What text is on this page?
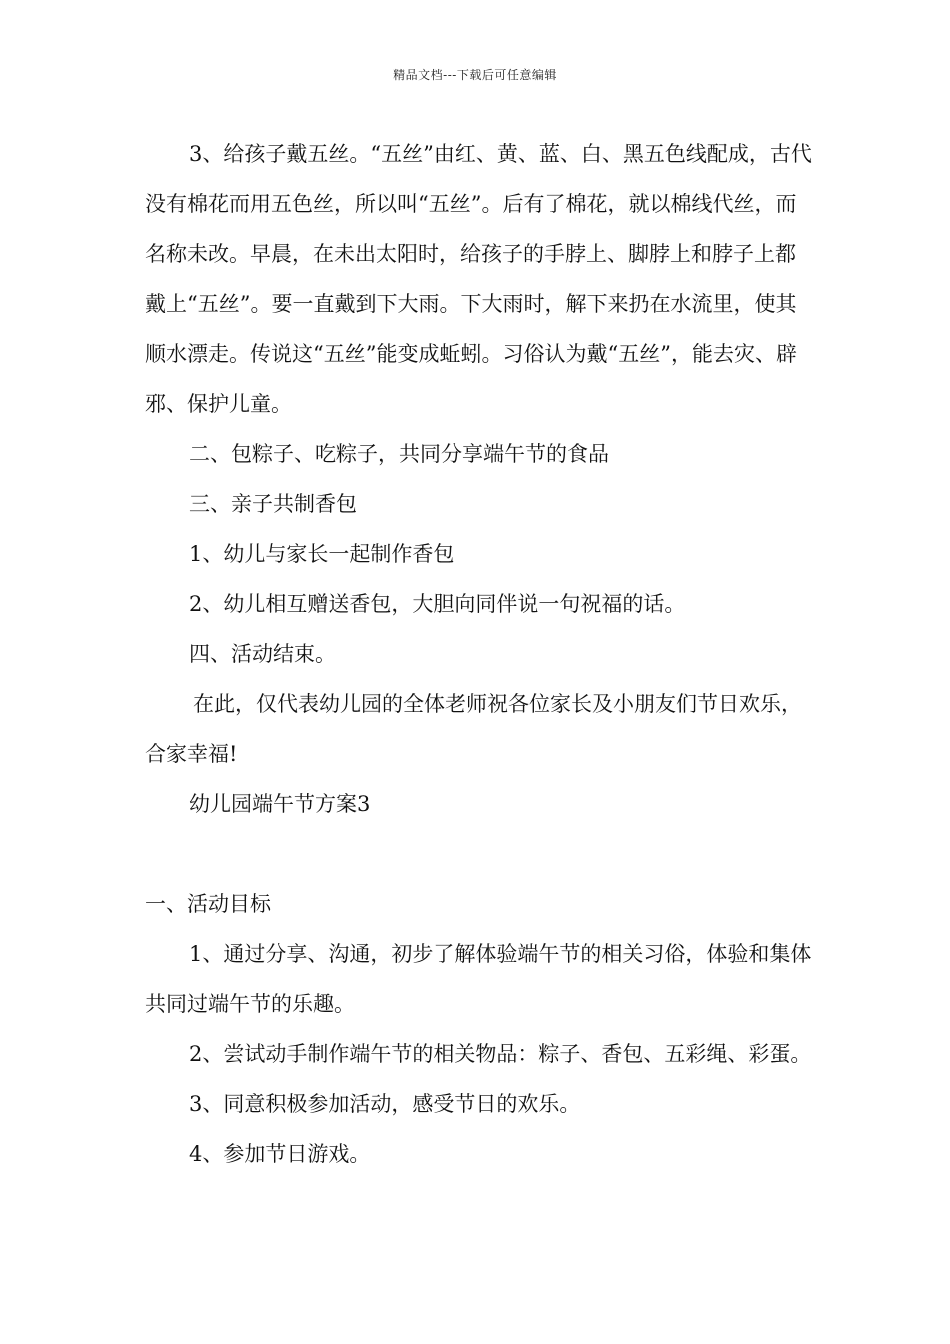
精品文档---下载后可任意编辑

3、给孩子戴五丝。“五丝”由红、黄、蓝、白、黑五色线配成，古代没有棉花而用五色丝，所以叫“五丝”。后有了棉花，就以棉线代丝，而名称未改。早晨，在未出太阳时，给孩子的手脖上、脚脖上和脖子上都戴上“五丝”。要一直戴到下大雨。下大雨时，解下来扔在水流里，使其顺水漂走。传说这“五丝”能变成蚯蚓。习俗认为戴“五丝”，能去灾、辟邪、保护儿童。

二、包粽子、吃粽子，共同分享端午节的食品

三、亲子共制香包

1、幼儿与家长一起制作香包

2、幼儿相互赠送香包，大胆向同伴说一句祝福的话。

四、活动结束。

在此，仅代表幼儿园的全体老师祝各位家长及小朋友们节日欢乐，合家幸福!

幼儿园端午节方案3

一、活动目标

1、通过分享、沟通，初步了解体验端午节的相关习俗，体验和集体共同过端午节的乐趣。

2、尝试动手制作端午节的相关物品：粽子、香包、五彩绳、彩蛋。

3、同意积极参加活动，感受节日的欢乐。

4、参加节日游戏。
